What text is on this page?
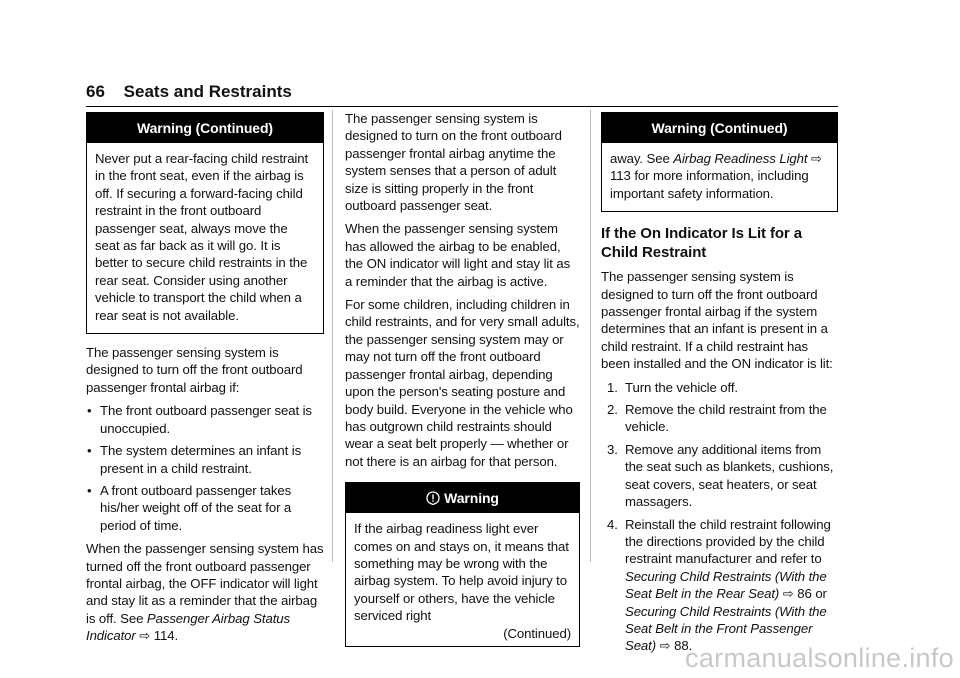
66 Seats and Restraints
Warning (Continued)
Never put a rear-facing child restraint in the front seat, even if the airbag is off. If securing a forward-facing child restraint in the front outboard passenger seat, always move the seat as far back as it will go. It is better to secure child restraints in the rear seat. Consider using another vehicle to transport the child when a rear seat is not available.

The passenger sensing system is designed to turn off the front outboard passenger frontal airbag if:

• The front outboard passenger seat is unoccupied.
• The system determines an infant is present in a child restraint.
• A front outboard passenger takes his/her weight off of the seat for a period of time.

When the passenger sensing system has turned off the front outboard passenger frontal airbag, the OFF indicator will light and stay lit as a reminder that the airbag is off. See Passenger Airbag Status Indicator ⇨ 114.

The passenger sensing system is designed to turn on the front outboard passenger frontal airbag anytime the system senses that a person of adult size is sitting properly in the front outboard passenger seat.

When the passenger sensing system has allowed the airbag to be enabled, the ON indicator will light and stay lit as a reminder that the airbag is active.

For some children, including children in child restraints, and for very small adults, the passenger sensing system may or may not turn off the front outboard passenger frontal airbag, depending upon the person's seating posture and body build. Everyone in the vehicle who has outgrown child restraints should wear a seat belt properly — whether or not there is an airbag for that person.

Warning
If the airbag readiness light ever comes on and stays on, it means that something may be wrong with the airbag system. To help avoid injury to yourself or others, have the vehicle serviced right
(Continued)
Warning (Continued)
away. See Airbag Readiness Light ⇨ 113 for more information, including important safety information.
If the On Indicator Is Lit for a Child Restraint

The passenger sensing system is designed to turn off the front outboard passenger frontal airbag if the system determines that an infant is present in a child restraint. If a child restraint has been installed and the ON indicator is lit:

1. Turn the vehicle off.
2. Remove the child restraint from the vehicle.
3. Remove any additional items from the seat such as blankets, cushions, seat covers, seat heaters, or seat massagers.
4. Reinstall the child restraint following the directions provided by the child restraint manufacturer and refer to Securing Child Restraints (With the Seat Belt in the Rear Seat) ⇨ 86 or
Securing Child Restraints (With the Seat Belt in the Front Passenger Seat) ⇨ 88.
carmanualsonline.info
